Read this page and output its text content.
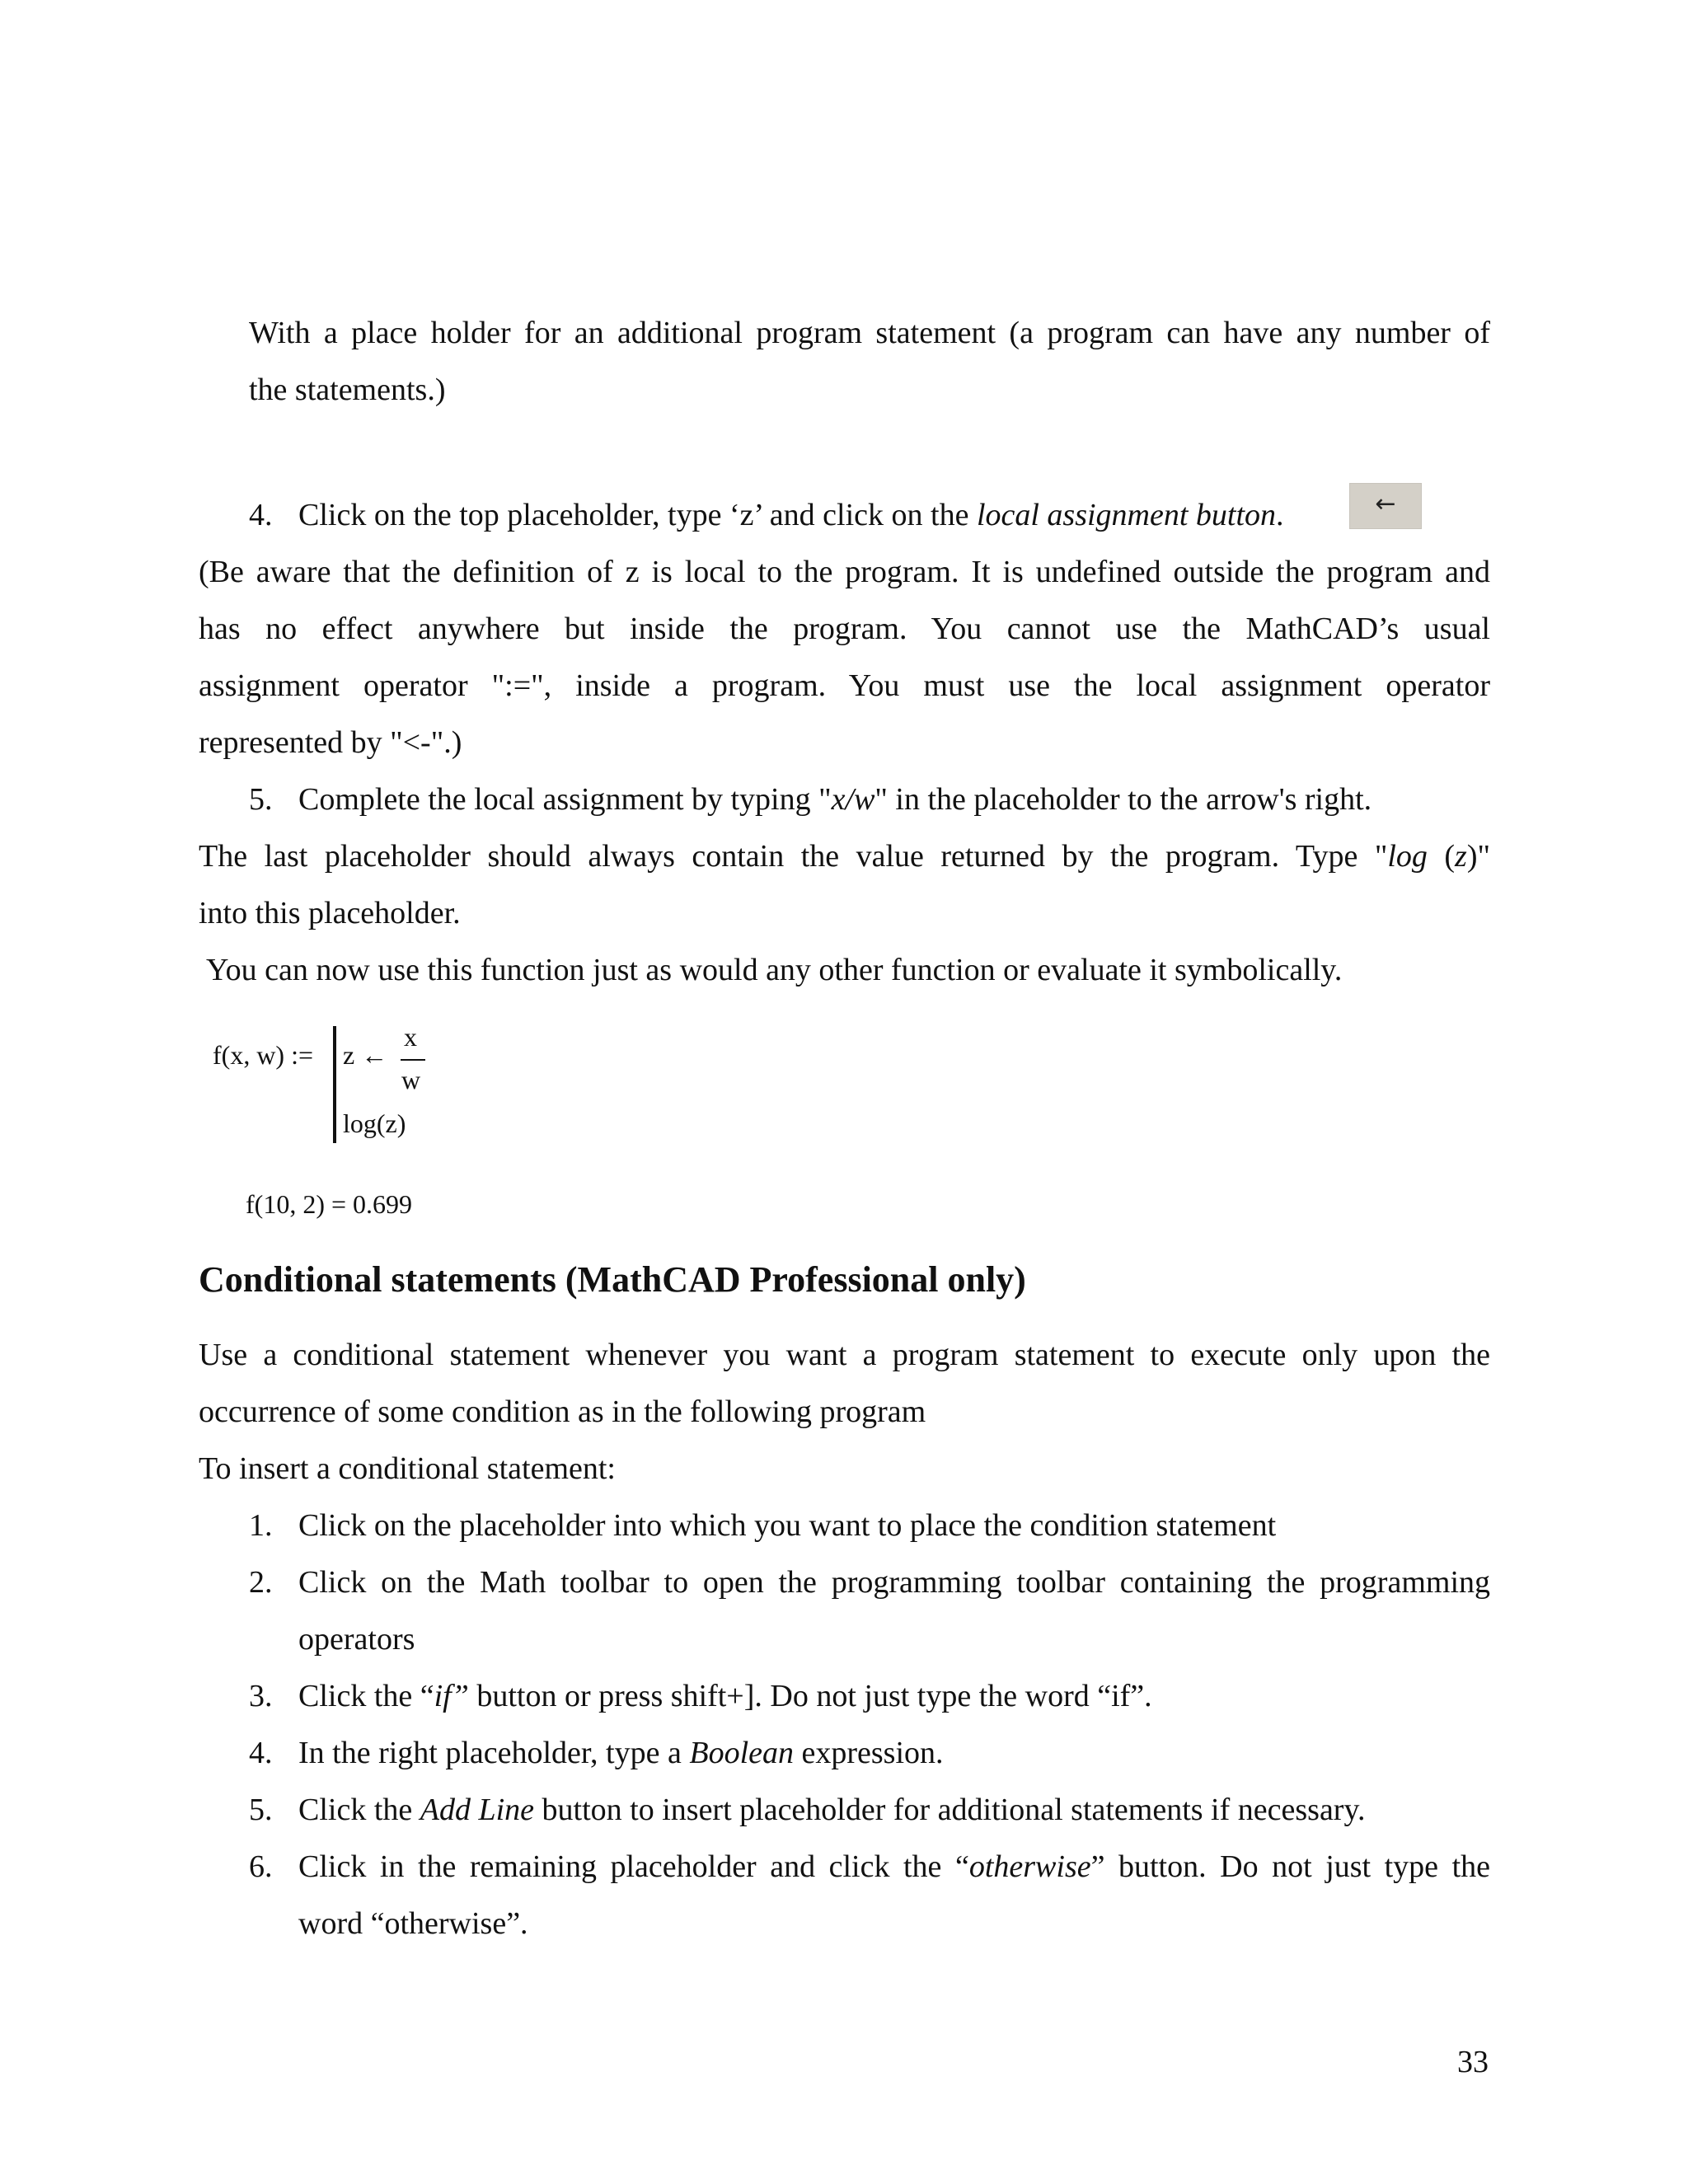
With a place holder for an additional program statement (a program can have any number of
the statements.)
4. Click on the top placeholder, type ‘z’ and click on the local assignment button.	←
(Be aware that the definition of z is local to the program. It is undefined outside the program and
has no effect anywhere but inside the program. You cannot use the MathCAD’s usual
assignment operator ":=", inside a program. You must use the local assignment operator
represented by "<-".)
5. Complete the local assignment by typing "x/w" in the placeholder to the arrow's right.
The last placeholder should always contain the value returned by the program. Type "log (z)"
into this placeholder.
You can now use this function just as would any other function or evaluate it symbolically.
f(x, w) := z ←
x
w
log(z)
f(10, 2) = 0.699
Conditional statements (MathCAD Professional only)
Use a conditional statement whenever you want a program statement to execute only upon the
occurrence of some condition as in the following program
To insert a conditional statement:
1. Click on the placeholder into which you want to place the condition statement
2. Click on the Math toolbar to open the programming toolbar containing the programming
operators
3. Click the “if” button or press shift+]. Do not just type the word “if”.
4. In the right placeholder, type a Boolean expression.
5. Click the Add Line button to insert placeholder for additional statements if necessary.
6. Click in the remaining placeholder and click the “otherwise” button. Do not just type the
word “otherwise”.
33
